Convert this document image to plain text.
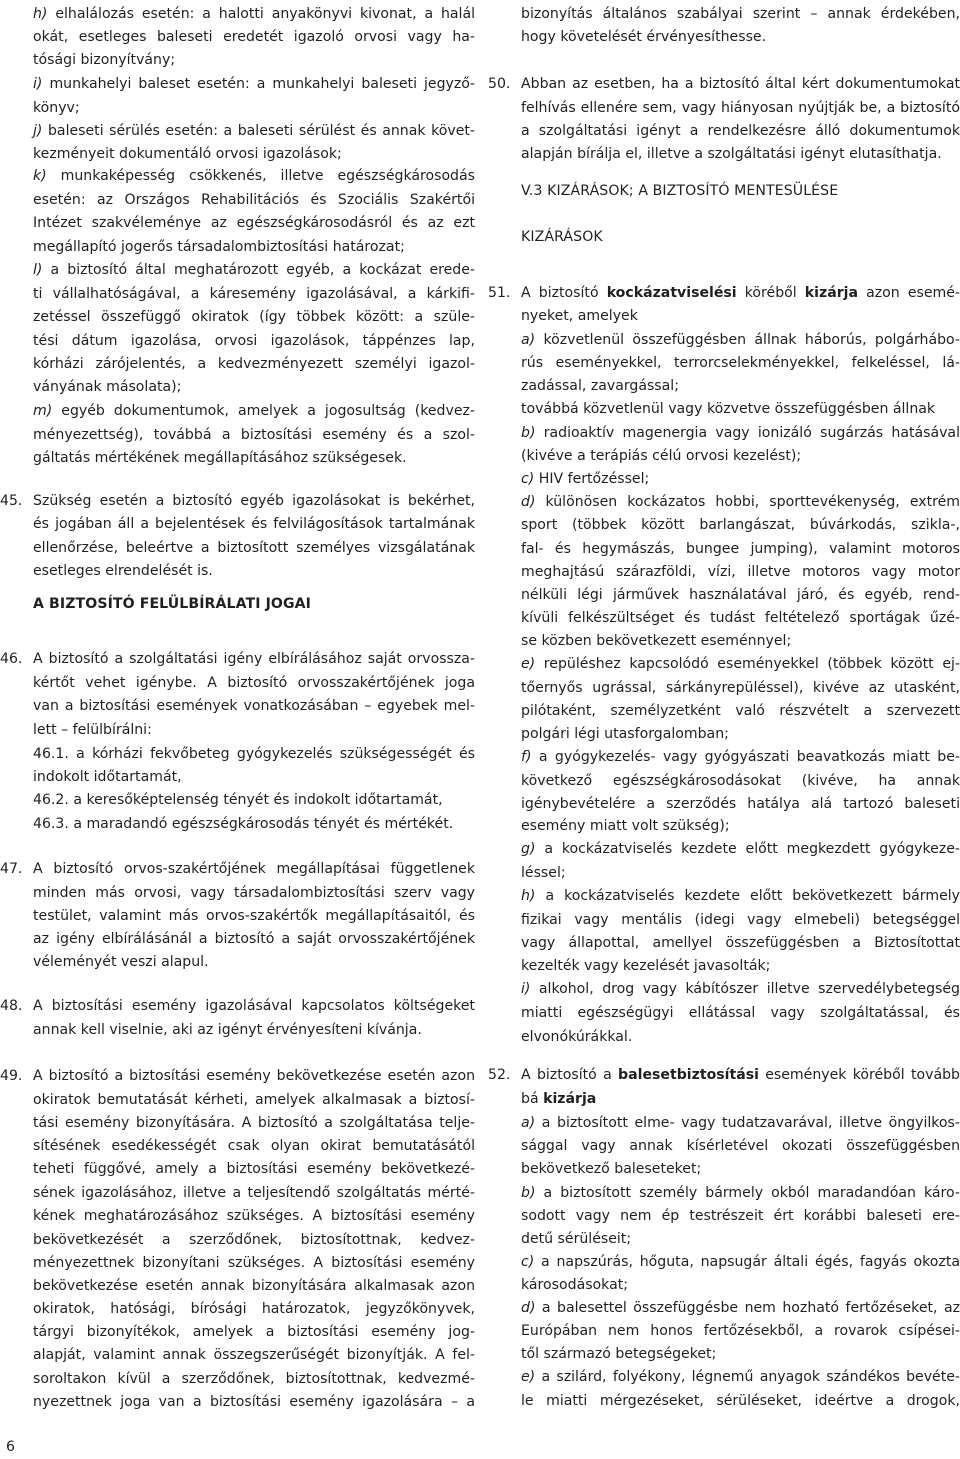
h) elhalálozás esetén: a halotti anyakönyvi kivonat, a halál
okát, esetleges baleseti eredetét igazoló orvosi vagy ha-
tósági bizonyítvány;
i) munkahelyi baleset esetén: a munkahelyi baleseti jegyző-
könyv;
j) baleseti sérülés esetén: a baleseti sérülést és annak követ-
kezményeit dokumentáló orvosi igazolások;
k) munkaképesség csökkenés, illetve egészségkárosodás
esetén: az Országos Rehabilitációs és Szociális Szakértői
Intézet szakvéleménye az egészségkárosodásról és az ezt
megállapító jogerős társadalombiztosítási határozat;
l) a biztosító által meghatározott egyéb, a kockázat erede-
ti vállalhatóságával, a káresemény igazolásával, a kárkifi-
zetéssel összefüggő okiratok (így többek között: a szüle-
tési dátum igazolása, orvosi igazolások, táppénzes lap,
kórházi zárójelentés, a kedvezményezett személyi igazol-
ványának másolata);
m) egyéb dokumentumok, amelyek a jogosultság (kedvez-
ményezettség), továbbá a biztosítási esemény és a szol-
gáltatás mértékének megállapításához szükségesek.
45. Szükség esetén a biztosító egyéb igazolásokat is bekérhet,
és jogában áll a bejelentések és felvilágosítások tartalmának
ellenőrzése, beleértve a biztosított személyes vizsgálatának
esetleges elrendelését is.
46. A biztosító a szolgáltatási igény elbírálásához saját orvossza-
kértőt vehet igénybe. A biztosító orvosszakértőjének joga
van a biztosítási események vonatkozásában – egyebek mel-
lett – felülbírálni:
46.1. a kórházi fekvőbeteg gyógykezelés szükségességét és
indokolt időtartamát,
46.2. a keresőképtelenség tényét és indokolt időtartamát,
46.3. a maradandó egészségkárosodás tényét és mértékét.
47. A biztosító orvos-szakértőjének megállapításai függetlenek
minden más orvosi, vagy társadalombiztosítási szerv vagy
testület, valamint más orvos-szakértők megállapításaitól, és
az igény elbírálásánál a biztosító a saját orvosszakértőjének
véleményét veszi alapul.
48. A biztosítási esemény igazolásával kapcsolatos költségeket
annak kell viselnie, aki az igényt érvényesíteni kívánja.
49. A biztosító a biztosítási esemény bekövetkezése esetén azon
okiratok bemutatását kérheti, amelyek alkalmasak a biztosí-
tási esemény bizonyítására. A biztosító a szolgáltatása telje-
sítésének esedékességét csak olyan okirat bemutatásától
teheti függővé, amely a biztosítási esemény bekövetkezé-
sének igazolásához, illetve a teljesítendő szolgáltatás mérté-
kének meghatározásához szükséges. A biztosítási esemény
bekövetkezését a szerződőnek, biztosítottnak, kedvez-
ményezettnek bizonyítani szükséges. A biztosítási esemény
bekövetkezése esetén annak bizonyítására alkalmasak azon
okiratok, hatósági, bírósági határozatok, jegyzőkönyvek,
tárgyi bizonyítékok, amelyek a biztosítási esemény jog-
alapját, valamint annak összegszerűségét bizonyítják. A fel-
soroltakon kívül a szerződőnek, biztosítottnak, kedvezmé-
nyezettnek joga van a biztosítási esemény igazolására – a
A BIZTOSÍTÓ FELÜLBÍRÁLATI JOGAI
bizonyítás általános szabályai szerint – annak érdekében,
hogy követelését érvényesíthesse.
50. Abban az esetben, ha a biztosító által kért dokumentumokat
felhívás ellenére sem, vagy hiányosan nyújtják be, a biztosító
a szolgáltatási igényt a rendelkezésre álló dokumentumok
alapján bírálja el, illetve a szolgáltatási igényt elutasíthatja.
51. A biztosító kockázatviselési köréből kizárja azon esemé-
nyeket, amelyek
a) közvetlenül összefüggésben állnak háborús, polgárhábo-
rús eseményekkel, terrorcselekményekkel, felkeléssel, lá-
zadással, zavargással;
továbbá közvetlenül vagy közvetve összefüggésben állnak
b) radioaktív magenergia vagy ionizáló sugárzás hatásával
(kivéve a terápiás célú orvosi kezelést);
c) HIV fertőzéssel;
d) különösen kockázatos hobbi, sporttevékenység, extrém
sport (többek között barlangászat, búvárkodás, szikla-,
fal- és hegymászás, bungee jumping), valamint motoros
meghajtású szárazföldi, vízi, illetve motoros vagy motor
nélküli légi járművek használatával járó, és egyéb, rend-
kívüli felkészültséget és tudást feltételező sportágak űzé-
se közben bekövetkezett eseménnyel;
e) repüléshez kapcsolódó eseményekkel (többek között ej-
tőernyős ugrással, sárkányrepüléssel), kivéve az utasként,
pilótaként, személyzetként való részvételt a szervezett
polgári légi utasforgalomban;
f) a gyógykezelés- vagy gyógyászati beavatkozás miatt be-
következő egészségkárosodásokat (kivéve, ha annak
igénybevételére a szerződés hatálya alá tartozó baleseti
esemény miatt volt szükség);
g) a kockázatviselés kezdete előtt megkezdett gyógykeze-
léssel;
h) a kockázatviselés kezdete előtt bekövetkezett bármely
fizikai vagy mentális (idegi vagy elmebeli) betegséggel
vagy állapottal, amellyel összefüggésben a Biztosítottat
kezelték vagy kezelését javasolták;
i) alkohol, drog vagy kábítószer illetve szervedélybetegség
miatti egészségügyi ellátással vagy szolgáltatással, és
elvonókúrákkal.
52. A biztosító a balesetbiztosítási események köréből tovább
bá kizárja
a) a biztosított elme- vagy tudatzavarával, illetve öngyilkos-
sággal vagy annak kísérletével okozati összefüggésben
bekövetkező baleseteket;
b) a biztosított személy bármely okból maradandóan káro-
sodott vagy nem ép testrészeit ért korábbi baleseti ere-
detű sérüléseit;
c) a napszúrás, hőguta, napsugár általi égés, fagyás okozta
károsodásokat;
d) a balesettel összefüggésbe nem hozható fertőzéseket, az
Európában nem honos fertőzésekből, a rovarok csípései-
től származó betegségeket;
e) a szilárd, folyékony, légnemű anyagok szándékos bevéte-
le miatti mérgezéseket, sérüléseket, ideértve a drogok,
V.3 KIZÁRÁSOK; A BIZTOSÍTÓ MENTESÜLÉSE
KIZÁRÁSOK
6
